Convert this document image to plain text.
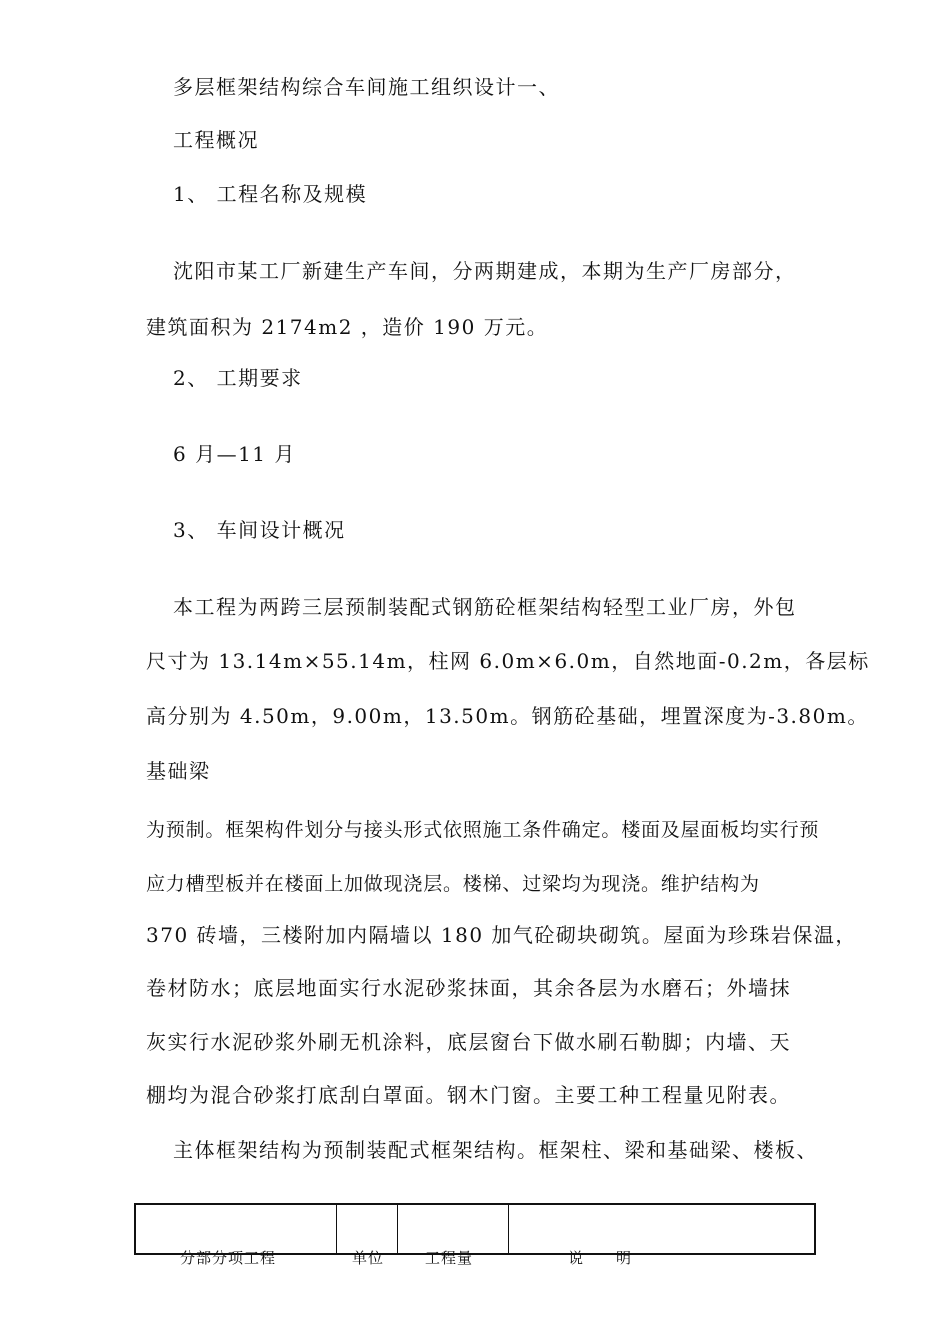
多层框架结构综合车间施工组织设计一、
工程概况
1、 工程名称及规模
沈阳市某工厂新建生产车间，分两期建成，本期为生产厂房部分，
建筑面积为 2174m2 ，造价 190 万元。
2、 工期要求
6 月—11 月
3、 车间设计概况
本工程为两跨三层预制装配式钢筋砼框架结构轻型工业厂房，外包
尺寸为 13.14m×55.14m，柱网 6.0m×6.0m，自然地面-0.2m，各层标
高分别为 4.50m，9.00m，13.50m。钢筋砼基础，埋置深度为-3.80m。
基础梁
为预制。框架构件划分与接头形式依照施工条件确定。楼面及屋面板均实行预
应力槽型板并在楼面上加做现浇层。楼梯、过梁均为现浇。维护结构为
370 砖墙，三楼附加内隔墙以 180 加气砼砌块砌筑。屋面为珍珠岩保温，
卷材防水；底层地面实行水泥砂浆抹面，其余各层为水磨石；外墙抹
灰实行水泥砂浆外刷无机涂料，底层窗台下做水刷石勒脚；内墙、天
棚均为混合砂浆打底刮白罩面。钢木门窗。主要工种工程量见附表。
主体框架结构为预制装配式框架结构。框架柱、梁和基础梁、楼板、
分部分项工程	单位	工程量	说　　明
